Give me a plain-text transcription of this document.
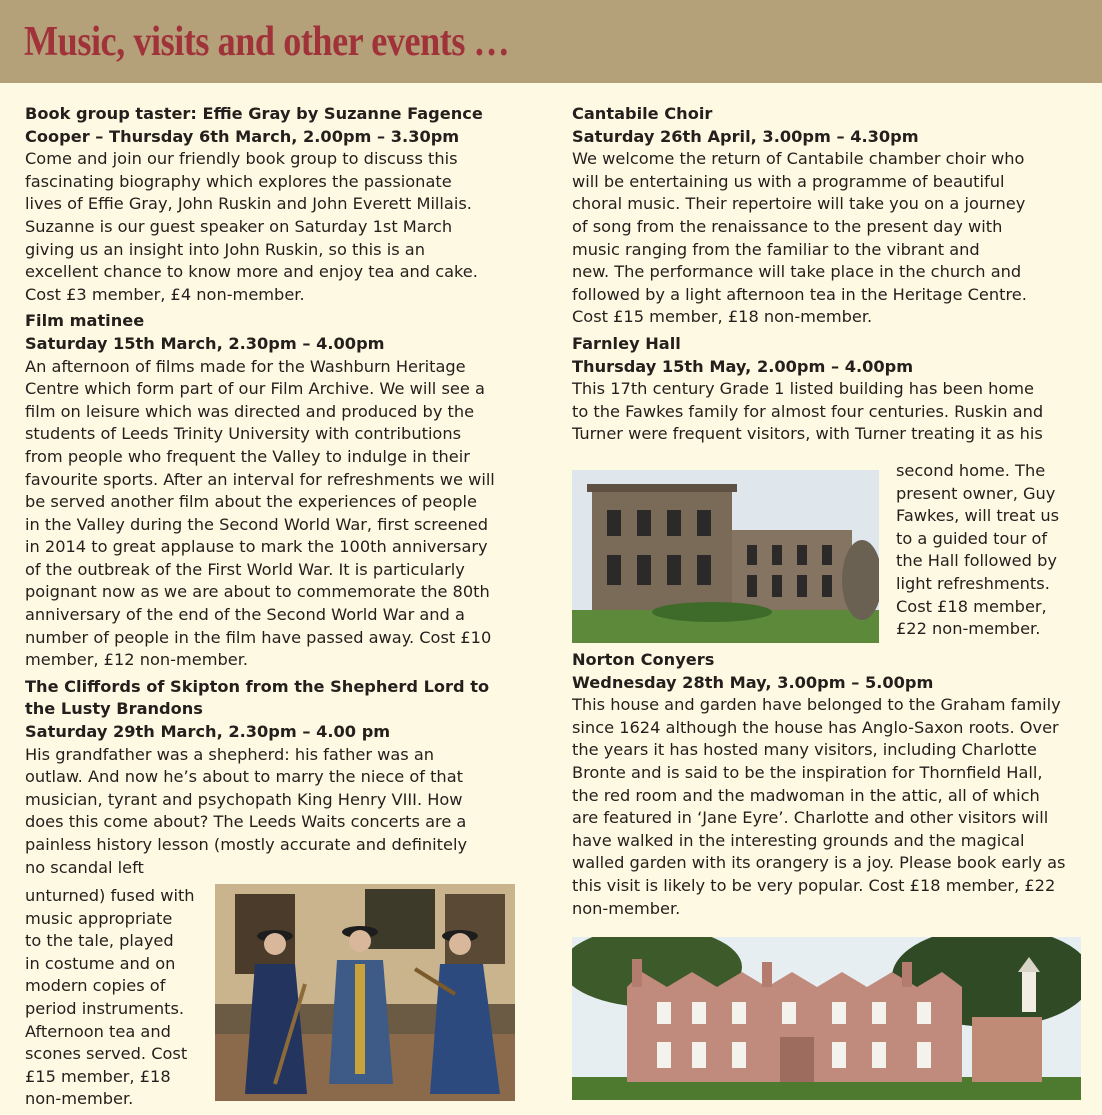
Music, visits and other events …
Book group taster: Effie Gray by Suzanne Fagence
Cooper – Thursday 6th March, 2.00pm – 3.30pm
Come and join our friendly book group to discuss this
fascinating biography which explores the passionate
lives of Effie Gray, John Ruskin and John Everett Millais.
Suzanne is our guest speaker on Saturday 1st March
giving us an insight into John Ruskin, so this is an
excellent chance to know more and enjoy tea and cake.
Cost £3 member, £4 non-member.
Film matinee
Saturday 15th March, 2.30pm – 4.00pm
An afternoon of films made for the Washburn Heritage
Centre which form part of our Film Archive. We will see a
film on leisure which was directed and produced by the
students of Leeds Trinity University with contributions
from people who frequent the Valley to indulge in their
favourite sports. After an interval for refreshments we will
be served another film about the experiences of people
in the Valley during the Second World War, first screened
in 2014 to great applause to mark the 100th anniversary
of the outbreak of the First World War. It is particularly
poignant now as we are about to commemorate the 80th
anniversary of the end of the Second World War and a
number of people in the film have passed away. Cost £10
member, £12 non-member.
The Cliffords of Skipton from the Shepherd Lord to
the Lusty Brandons
Saturday 29th March, 2.30pm – 4.00 pm
His grandfather was a shepherd: his father was an
outlaw. And now he’s about to marry the niece of that
musician, tyrant and psychopath King Henry VIII. How
does this come about? The Leeds Waits concerts are a
painless history lesson (mostly accurate and definitely
no scandal left
unturned) fused with
music appropriate
to the tale, played
in costume and on
modern copies of
period instruments.
Afternoon tea and
scones served. Cost
£15 member, £18
non-member.
Cantabile Choir
Saturday 26th April, 3.00pm – 4.30pm
We welcome the return of Cantabile chamber choir who
will be entertaining us with a programme of beautiful
choral music. Their repertoire will take you on a journey
of song from the renaissance to the present day with
music ranging from the familiar to the vibrant and
new. The performance will take place in the church and
followed by a light afternoon tea in the Heritage Centre.
Cost £15 member, £18 non-member.
Farnley Hall
Thursday 15th May, 2.00pm – 4.00pm
This 17th century Grade 1 listed building has been home
to the Fawkes family for almost four centuries. Ruskin and
Turner were frequent visitors, with Turner treating it as his
second home. The
present owner, Guy
Fawkes, will treat us
to a guided tour of
the Hall followed by
light refreshments.
Cost £18 member,
£22 non-member.
Norton Conyers
Wednesday 28th May, 3.00pm – 5.00pm
This house and garden have belonged to the Graham family
since 1624 although the house has Anglo-Saxon roots. Over
the years it has hosted many visitors, including Charlotte
Bronte and is said to be the inspiration for Thornfield Hall,
the red room and the madwoman in the attic, all of which
are featured in ‘Jane Eyre’. Charlotte and other visitors will
have walked in the interesting grounds and the magical
walled garden with its orangery is a joy. Please book early as
this visit is likely to be very popular. Cost £18 member, £22
non-member.
